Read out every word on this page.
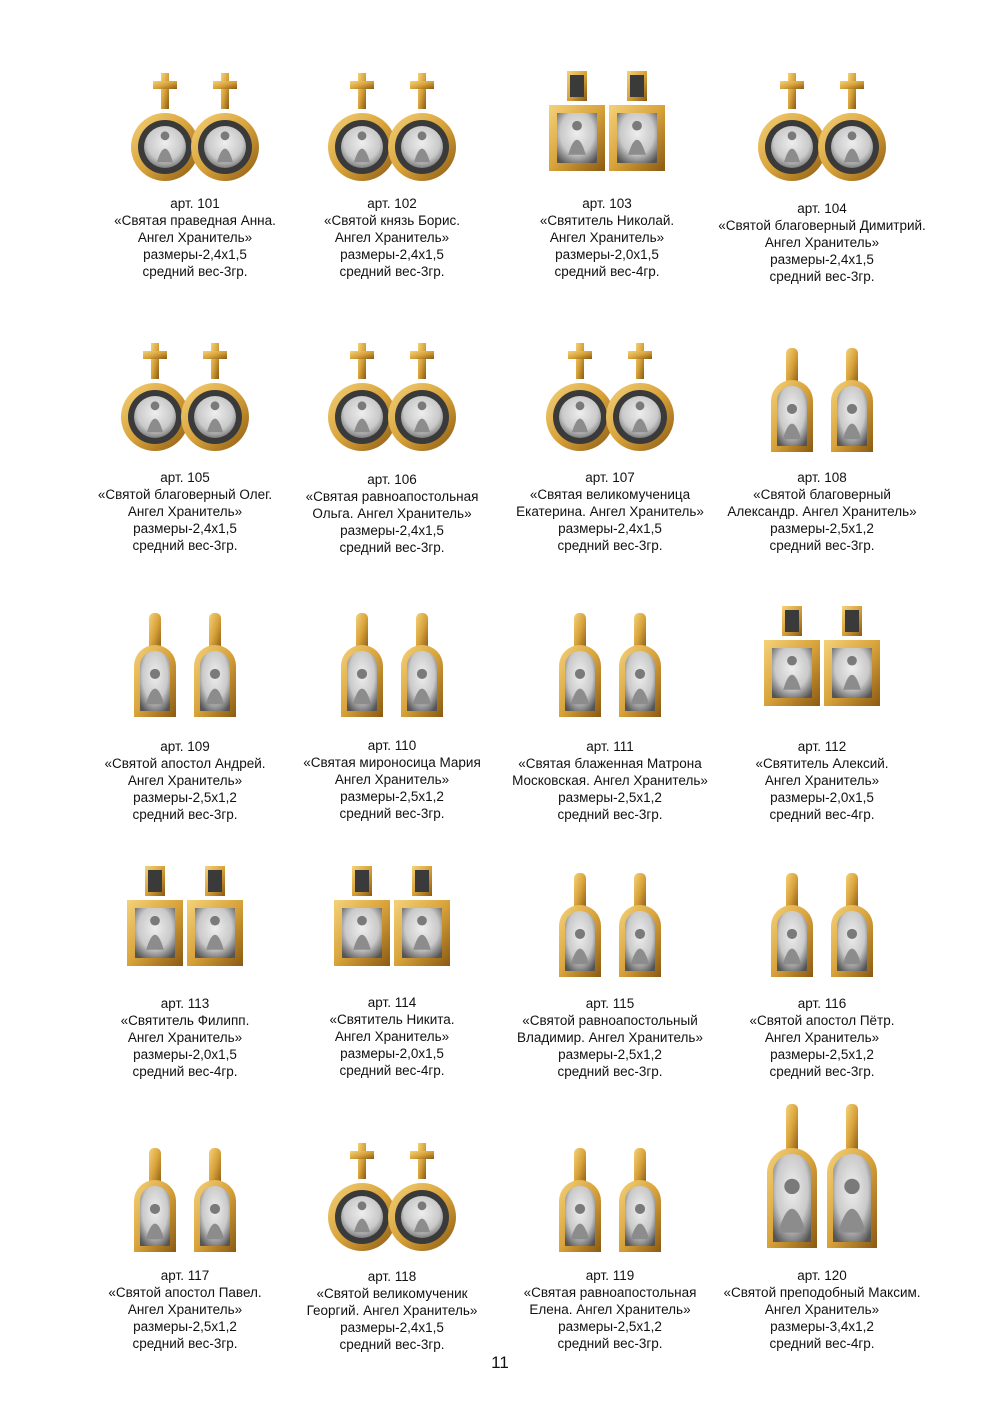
арт. 101
«Святая праведная Анна.
Ангел Хранитель»
размеры-2,4х1,5
средний вес-3гр.
арт. 102
«Святой князь Борис.
Ангел Хранитель»
размеры-2,4х1,5
средний вес-3гр.
арт. 103
«Святитель Николай.
Ангел Хранитель»
размеры-2,0х1,5
средний вес-4гр.
арт. 104
«Святой благоверный Димитрий.
Ангел Хранитель»
размеры-2,4х1,5
средний вес-3гр.
арт. 105
«Святой благоверный Олег.
Ангел Хранитель»
размеры-2,4х1,5
средний вес-3гр.
арт. 106
«Святая равноапостольная
Ольга. Ангел Хранитель»
размеры-2,4х1,5
средний вес-3гр.
арт. 107
«Святая великомученица
Екатерина. Ангел Хранитель»
размеры-2,4х1,5
средний вес-3гр.
арт. 108
«Святой благоверный
Александр. Ангел Хранитель»
размеры-2,5х1,2
средний вес-3гр.
арт. 109
«Святой апостол Андрей.
Ангел Хранитель»
размеры-2,5х1,2
средний вес-3гр.
арт. 110
«Святая мироносица Мария
Ангел Хранитель»
размеры-2,5х1,2
средний вес-3гр.
арт. 111
«Святая блаженная Матрона
Московская. Ангел Хранитель»
размеры-2,5х1,2
средний вес-3гр.
арт. 112
«Святитель Алексий.
Ангел Хранитель»
размеры-2,0х1,5
средний вес-4гр.
арт. 113
«Святитель Филипп.
Ангел Хранитель»
размеры-2,0х1,5
средний вес-4гр.
арт. 114
«Святитель Никита.
Ангел Хранитель»
размеры-2,0х1,5
средний вес-4гр.
арт. 115
«Святой равноапостольный
Владимир. Ангел Хранитель»
размеры-2,5х1,2
средний вес-3гр.
арт. 116
«Святой апостол Пётр.
Ангел Хранитель»
размеры-2,5х1,2
средний вес-3гр.
арт. 117
«Святой апостол Павел.
Ангел Хранитель»
размеры-2,5х1,2
средний вес-3гр.
арт. 118
«Святой великомученик
Георгий. Ангел Хранитель»
размеры-2,4х1,5
средний вес-3гр.
арт. 119
«Святая равноапостольная
Елена. Ангел Хранитель»
размеры-2,5х1,2
средний вес-3гр.
арт. 120
«Святой преподобный Максим.
Ангел Хранитель»
размеры-3,4х1,2
средний вес-4гр.
11
